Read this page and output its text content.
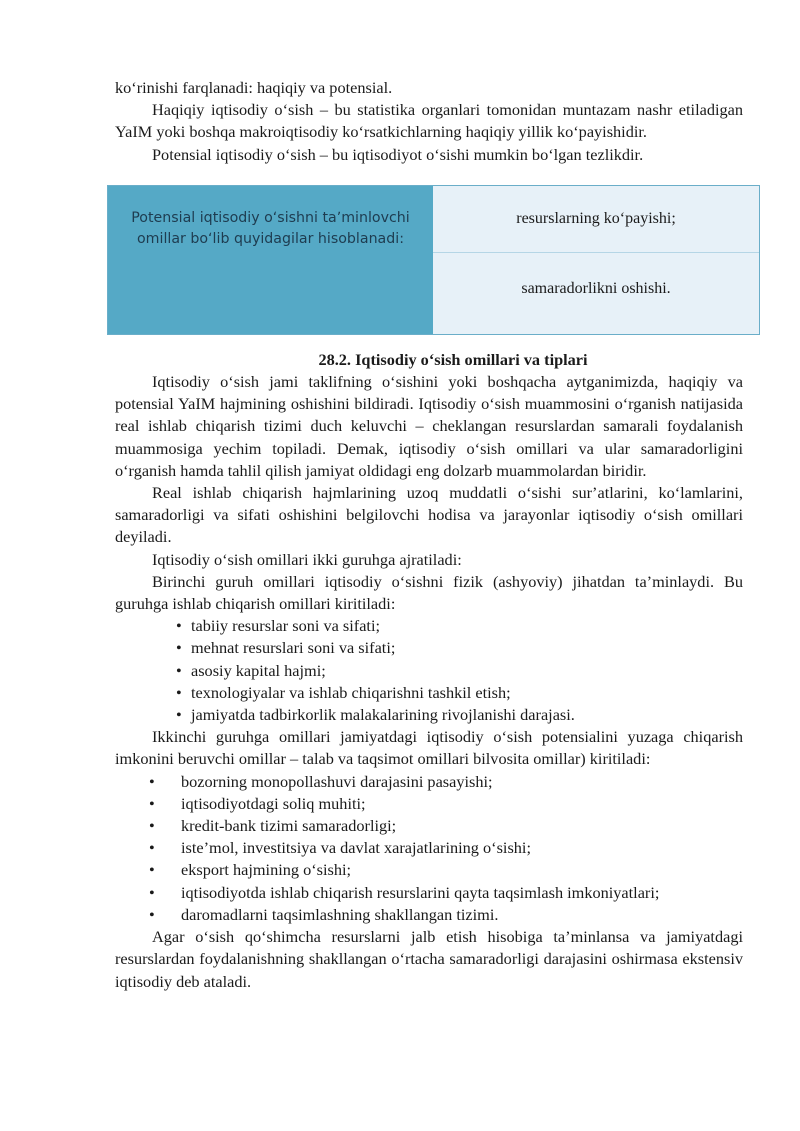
koʻrinishi farqlanadi: haqiqiy va potensial.

Haqiqiy iqtisodiy oʻsish – bu statistika organlari tomonidan muntazam nashr etiladigan YaIM yoki boshqa makroiqtisodiy koʻrsatkichlarning haqiqiy yillik koʻpayishidir.

Potensial iqtisodiy oʻsish – bu iqtisodiyot oʻsishi mumkin boʻlgan tezlikdir.

Potensial iqtisodiy oʻsishni taʼminlovchi omillar boʻlib quyidagilar hisoblanadi:
resurslarning koʻpayishi;
samaradorlikni oshishi.
28.2. Iqtisodiy oʻsish omillari va tiplari

Iqtisodiy oʻsish jami taklifning oʻsishini yoki boshqacha aytganimizda, haqiqiy va potensial YaIM hajmining oshishini bildiradi. Iqtisodiy oʻsish muammosini oʻrganish natijasida real ishlab chiqarish tizimi duch keluvchi – cheklangan resurslardan samarali foydalanish muammosiga yechim topiladi. Demak, iqtisodiy oʻsish omillari va ular samaradorligini oʻrganish hamda tahlil qilish jamiyat oldidagi eng dolzarb muammolardan biridir.

Real ishlab chiqarish hajmlarining uzoq muddatli oʻsishi surʼatlarini, koʻlamlarini, samaradorligi va sifati oshishini belgilovchi hodisa va jarayonlar iqtisodiy oʻsish omillari deyiladi.

Iqtisodiy oʻsish omillari ikki guruhga ajratiladi:

Birinchi guruh omillari iqtisodiy oʻsishni fizik (ashyoviy) jihatdan taʼminlaydi. Bu guruhga ishlab chiqarish omillari kiritiladi:

• tabiiy resurslar soni va sifati;
• mehnat resurslari soni va sifati;
• asosiy kapital hajmi;
• texnologiyalar va ishlab chiqarishni tashkil etish;
• jamiyatda tadbirkorlik malakalarining rivojlanishi darajasi.

Ikkinchi guruhga omillari jamiyatdagi iqtisodiy oʻsish potensialini yuzaga chiqarish imkonini beruvchi omillar – talab va taqsimot omillari bilvosita omillar) kiritiladi:

• bozorning monopollashuvi darajasini pasayishi;
• iqtisodiyotdagi soliq muhiti;
• kredit-bank tizimi samaradorligi;
• isteʼmol, investitsiya va davlat xarajatlarining oʻsishi;
• eksport hajmining oʻsishi;
• iqtisodiyotda ishlab chiqarish resurslarini qayta taqsimlash imkoniyatlari;
• daromadlarni taqsimlashning shakllangan tizimi.

Agar oʻsish qoʻshimcha resurslarni jalb etish hisobiga taʼminlansa va jamiyatdagi resurslardan foydalanishning shakllangan oʻrtacha samaradorligi darajasini oshirmasa ekstensiv iqtisodiy deb ataladi.
